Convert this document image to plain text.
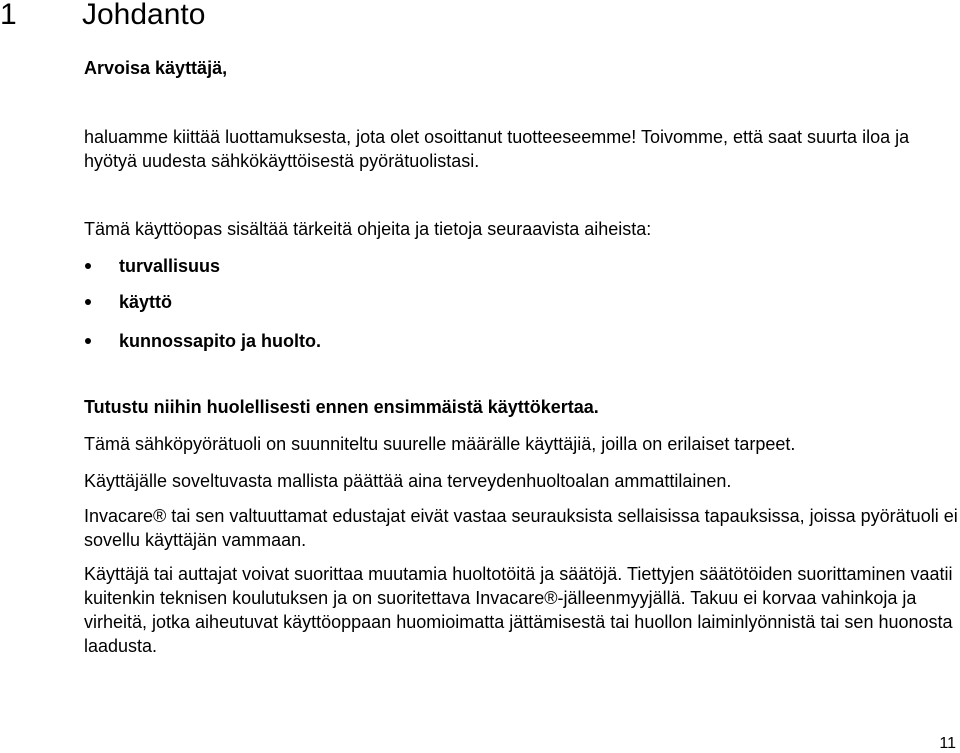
1 Johdanto
Arvoisa käyttäjä,

haluamme kiittää luottamuksesta, jota olet osoittanut tuotteeseemme! Toivomme, että saat suurta iloa ja hyötyä uudesta sähkökäyttöisestä pyörätuolistasi.

Tämä käyttöopas sisältää tärkeitä ohjeita ja tietoja seuraavista aiheista:

turvallisuus
käyttö
kunnossapito ja huolto.

Tutustu niihin huolellisesti ennen ensimmäistä käyttökertaa.

Tämä sähköpyörätuoli on suunniteltu suurelle määrälle käyttäjiä, joilla on erilaiset tarpeet.

Käyttäjälle soveltuvasta mallista päättää aina terveydenhuoltoalan ammattilainen.

Invacare® tai sen valtuuttamat edustajat eivät vastaa seurauksista sellaisissa tapauksissa, joissa pyörätuoli ei sovellu käyttäjän vammaan.

Käyttäjä tai auttajat voivat suorittaa muutamia huoltotöitä ja säätöjä. Tiettyjen säätötöiden suorittaminen vaatii kuitenkin teknisen koulutuksen ja on suoritettava Invacare®-jälleenmyyjällä. Takuu ei korvaa vahinkoja ja virheitä, jotka aiheutuvat käyttöoppaan huomioimatta jättämisestä tai huollon laiminlyönnistä tai sen huonosta laadusta.

11
